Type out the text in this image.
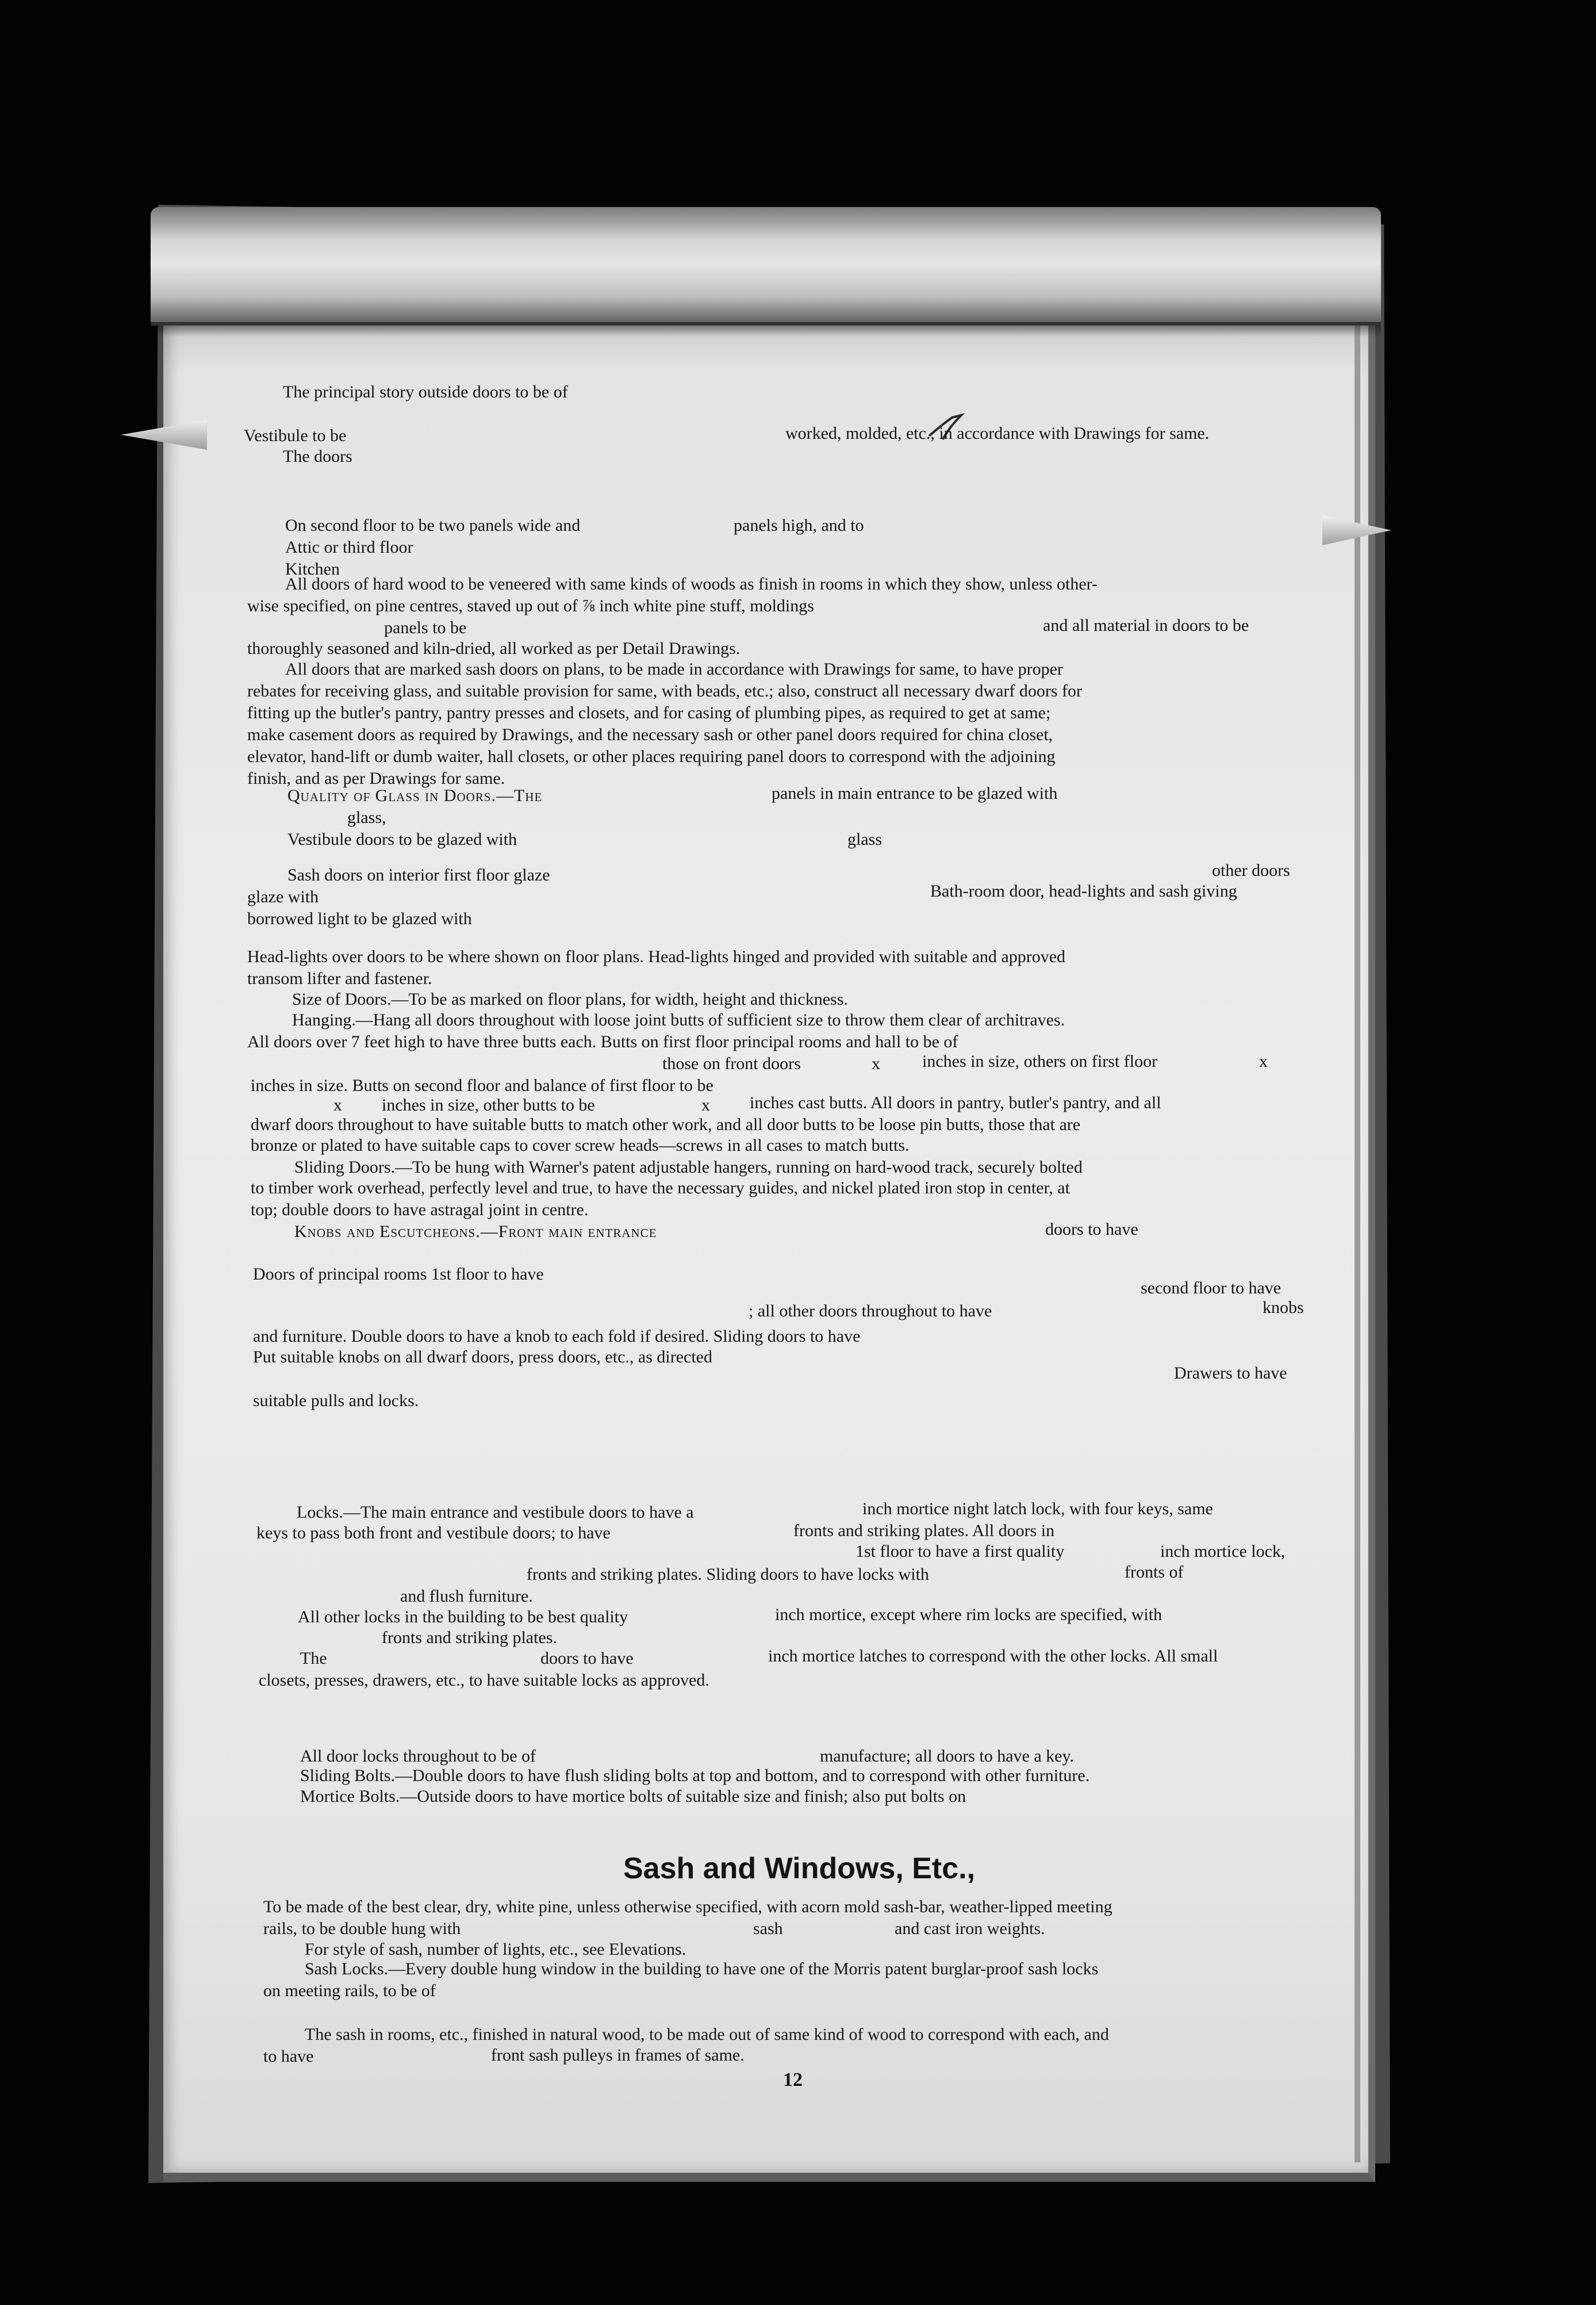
The principal story outside doors to be of

Vestibule to be	worked, molded, etc., in accordance with Drawings for same.

The doors

On second floor to be two panels wide and	panels high, and to

Attic or third floor

Kitchen

All doors of hard wood to be veneered with same kinds of woods as finish in rooms in which they show, unless other-

wise specified, on pine centres, staved up out of ⅞ inch white pine stuff, moldings

panels to be	and all material in doors to be

thoroughly seasoned and kiln-dried, all worked as per Detail Drawings.

All doors that are marked sash doors on plans, to be made in accordance with Drawings for same, to have proper

rebates for receiving glass, and suitable provision for same, with beads, etc.; also, construct all necessary dwarf doors for

fitting up the butler's pantry, pantry presses and closets, and for casing of plumbing pipes, as required to get at same;

make casement doors as required by Drawings, and the necessary sash or other panel doors required for china closet,

elevator, hand-lift or dumb waiter, hall closets, or other places requiring panel doors to correspond with the adjoining

finish, and as per Drawings for same.

Quality of Glass in Doors.—The	panels in main entrance to be glazed with

glass,

Vestibule doors to be glazed with	glass

other doors

Sash doors on interior first floor glaze

glaze with	Bath-room door, head-lights and sash giving

borrowed light to be glazed with

Head-lights over doors to be where shown on floor plans. Head-lights hinged and provided with suitable and approved

transom lifter and fastener.

Size of Doors.—To be as marked on floor plans, for width, height and thickness.

Hanging.—Hang all doors throughout with loose joint butts of sufficient size to throw them clear of architraves.

All doors over 7 feet high to have three butts each. Butts on first floor principal rooms and hall to be of

those on front doors	x inches in size, others on first floor	x

inches in size. Butts on second floor and balance of first floor to be

x inches in size, other butts to be	x inches cast butts. All doors in pantry, butler's pantry, and all

dwarf doors throughout to have suitable butts to match other work, and all door butts to be loose pin butts, those that are

bronze or plated to have suitable caps to cover screw heads—screws in all cases to match butts.

Sliding Doors.—To be hung with Warner's patent adjustable hangers, running on hard-wood track, securely bolted

to timber work overhead, perfectly level and true, to have the necessary guides, and nickel plated iron stop in center, at

top; double doors to have astragal joint in centre.

Knobs and Escutcheons.—Front main entrance	doors to have

Doors of principal rooms 1st floor to have

second floor to have

; all other doors throughout to have	knobs

and furniture. Double doors to have a knob to each fold if desired. Sliding doors to have

Put suitable knobs on all dwarf doors, press doors, etc., as directed

Drawers to have

suitable pulls and locks.

Locks.—The main entrance and vestibule doors to have a	inch mortice night latch lock, with four keys, same

keys to pass both front and vestibule doors; to have	fronts and striking plates. All doors in

1st floor to have a first quality	inch mortice lock,

fronts and striking plates. Sliding doors to have locks with	fronts of

and flush furniture.

All other locks in the building to be best quality	inch mortice, except where rim locks are specified, with

fronts and striking plates.

The	doors to have	inch mortice latches to correspond with the other locks. All small

closets, presses, drawers, etc., to have suitable locks as approved.

All door locks throughout to be of	manufacture; all doors to have a key.

Sliding Bolts.—Double doors to have flush sliding bolts at top and bottom, and to correspond with other furniture.

Mortice Bolts.—Outside doors to have mortice bolts of suitable size and finish; also put bolts on

Sash and Windows, Etc.,

To be made of the best clear, dry, white pine, unless otherwise specified, with acorn mold sash-bar, weather-lipped meeting

rails, to be double hung with	sash	and cast iron weights.

For style of sash, number of lights, etc., see Elevations.

Sash Locks.—Every double hung window in the building to have one of the Morris patent burglar-proof sash locks

on meeting rails, to be of

The sash in rooms, etc., finished in natural wood, to be made out of same kind of wood to correspond with each, and

to have	front sash pulleys in frames of same.

12
